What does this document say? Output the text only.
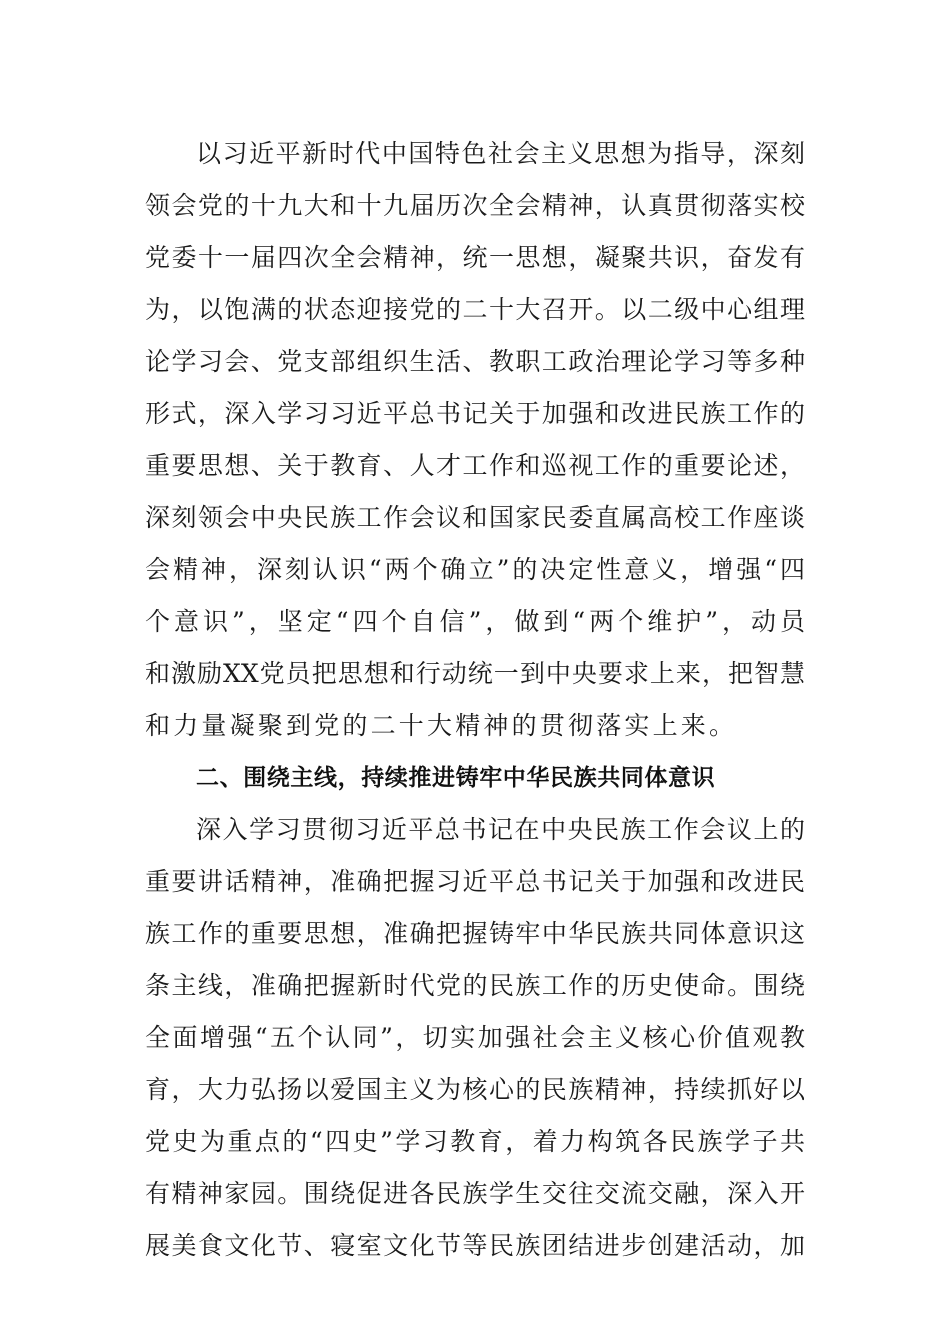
以习近平新时代中国特色社会主义思想为指导，深刻
领会党的十九大和十九届历次全会精神，认真贯彻落实校
党委十一届四次全会精神，统一思想，凝聚共识，奋发有
为，以饱满的状态迎接党的二十大召开。以二级中心组理
论学习会、党支部组织生活、教职工政治理论学习等多种
形式，深入学习习近平总书记关于加强和改进民族工作的
重要思想、关于教育、人才工作和巡视工作的重要论述，
深刻领会中央民族工作会议和国家民委直属高校工作座谈
会精神，深刻认识“两个确立”的决定性意义，增强“四
个意识”，坚定“四个自信”，做到“两个维护”，动员
和激励XX党员把思想和行动统一到中央要求上来，把智慧
和力量凝聚到党的二十大精神的贯彻落实上来。
二、围绕主线，持续推进铸牢中华民族共同体意识
深入学习贯彻习近平总书记在中央民族工作会议上的
重要讲话精神，准确把握习近平总书记关于加强和改进民
族工作的重要思想，准确把握铸牢中华民族共同体意识这
条主线，准确把握新时代党的民族工作的历史使命。围绕
全面增强“五个认同”，切实加强社会主义核心价值观教
育，大力弘扬以爱国主义为核心的民族精神，持续抓好以
党史为重点的“四史”学习教育，着力构筑各民族学子共
有精神家园。围绕促进各民族学生交往交流交融，深入开
展美食文化节、寝室文化节等民族团结进步创建活动，加
